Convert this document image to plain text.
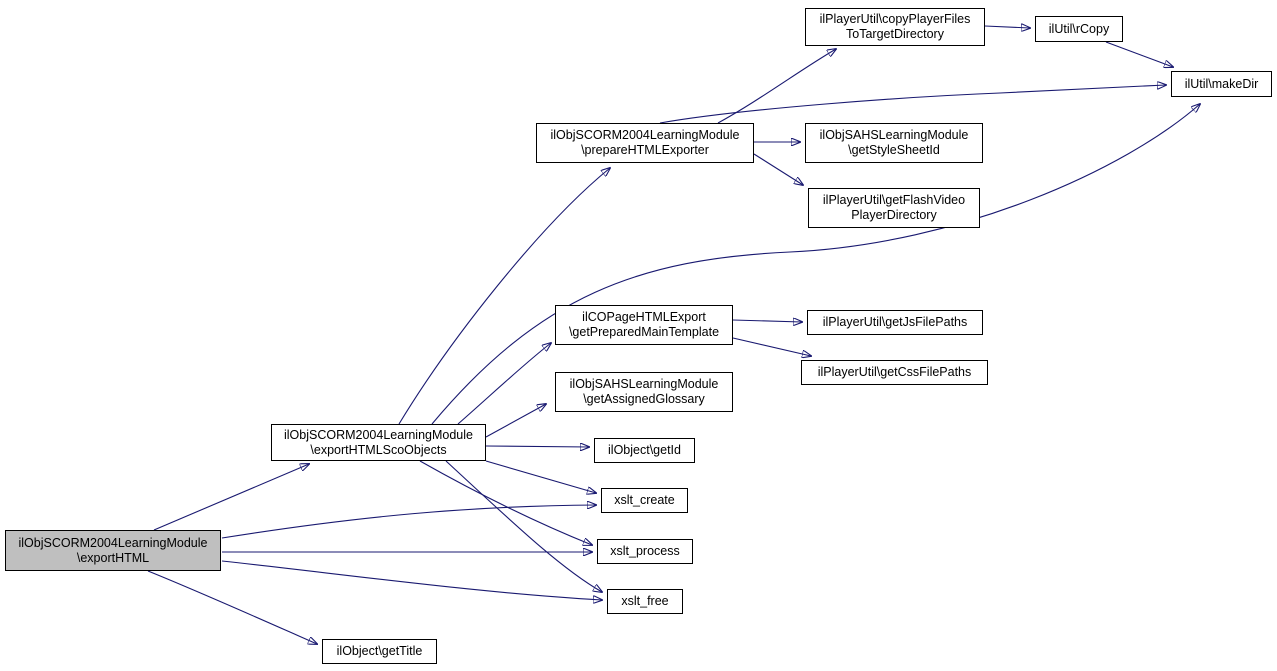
ilObjSCORM2004LearningModule
\exportHTML
ilObjSCORM2004LearningModule
\exportHTMLScoObjects
ilObjSCORM2004LearningModule
\prepareHTMLExporter
ilPlayerUtil\copyPlayerFiles
ToTargetDirectory	ilUtil\rCopy
ilUtil\makeDir
ilObjSAHSLearningModule
\getStyleSheetId
ilPlayerUtil\getFlashVideo
PlayerDirectory
ilCOPageHTMLExport
\getPreparedMainTemplate
ilPlayerUtil\getJsFilePaths
ilPlayerUtil\getCssFilePaths
ilObjSAHSLearningModule
\getAssignedGlossary
ilObject\getId
xslt_create
xslt_process
xslt_free
ilObject\getTitle
